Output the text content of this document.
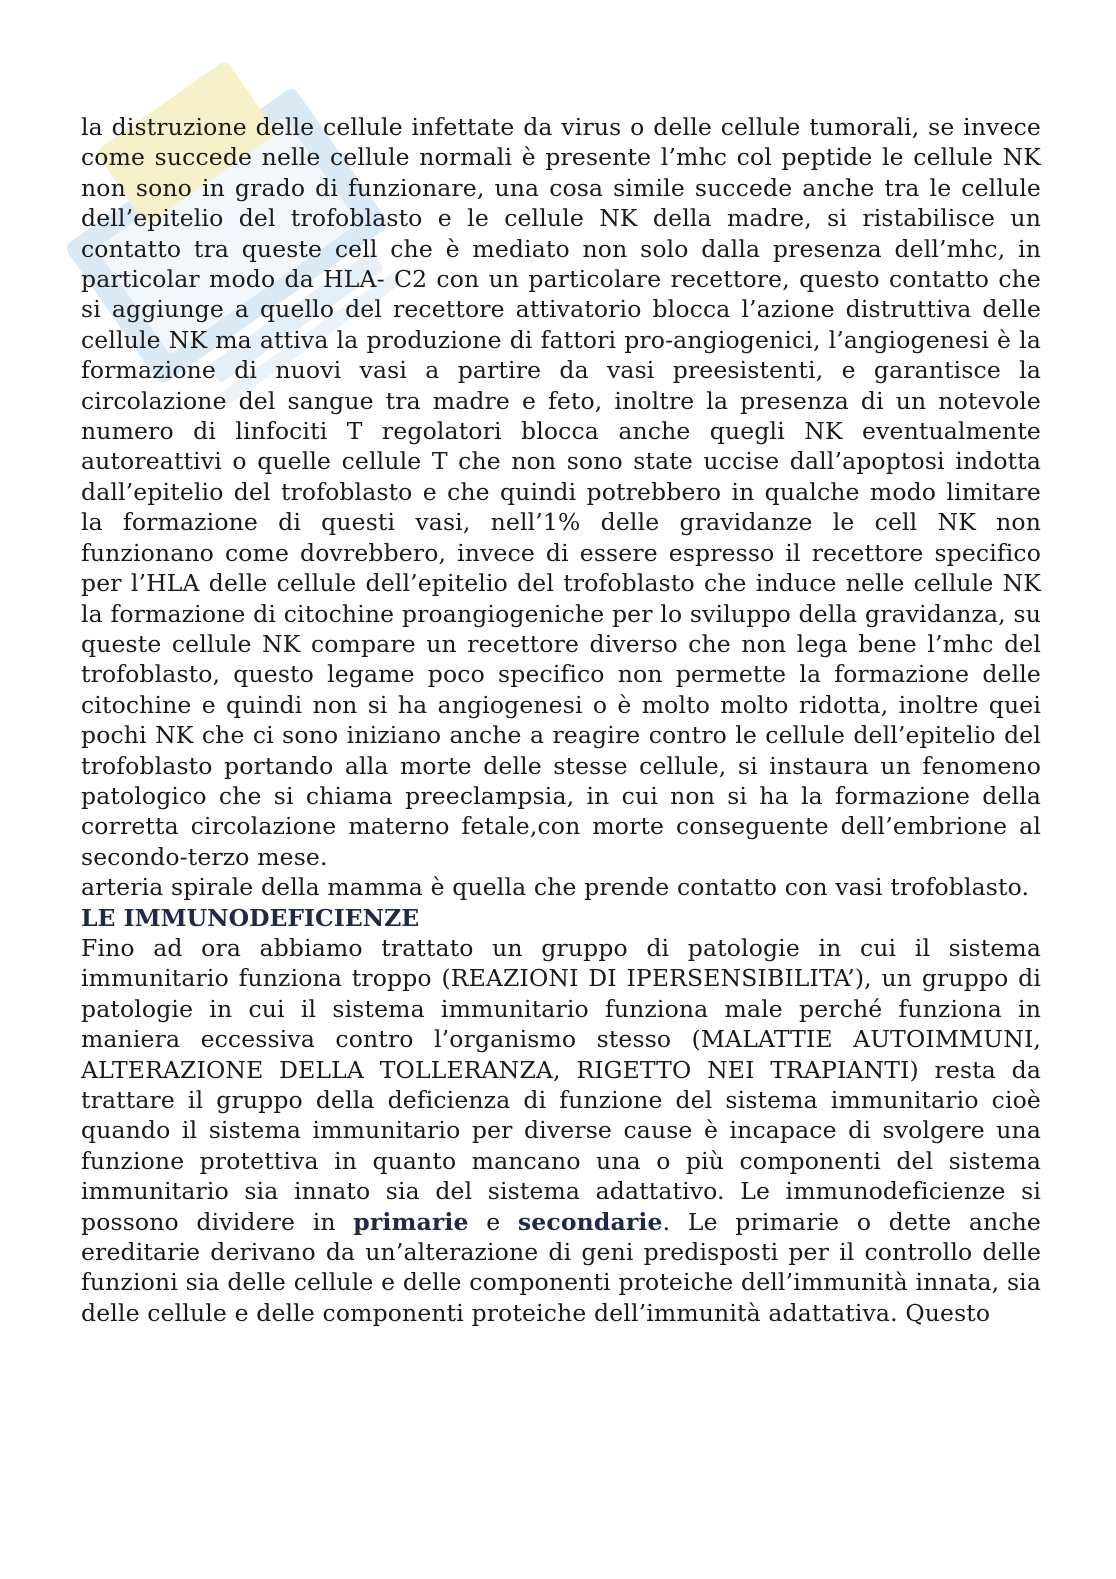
la distruzione delle cellule infettate da virus o delle cellule tumorali, se invece come succede nelle cellule normali è presente l’mhc col peptide le cellule NK non sono in grado di funzionare, una cosa simile succede anche tra le cellule dell’epitelio del trofoblasto e le cellule NK della madre, si ristabilisce un contatto tra queste cell che è mediato non solo dalla presenza dell’mhc, in particolar modo da HLA- C2 con un particolare recettore, questo contatto che si aggiunge a quello del recettore attivatorio blocca l’azione distruttiva delle cellule NK ma attiva la produzione di fattori pro-angiogenici, l’angiogenesi è la formazione di nuovi vasi a partire da vasi preesistenti, e garantisce la circolazione del sangue tra madre e feto, inoltre la presenza di un notevole numero di linfociti T regolatori blocca anche quegli NK eventualmente autoreattivi o quelle cellule T che non sono state uccise dall’apoptosi indotta dall’epitelio del trofoblasto e che quindi potrebbero in qualche modo limitare la formazione di questi vasi, nell’1% delle gravidanze le cell NK non funzionano come dovrebbero, invece di essere espresso il recettore specifico per l’HLA delle cellule dell’epitelio del trofoblasto che induce nelle cellule NK la formazione di citochine proangiogeniche per lo sviluppo della gravidanza, su queste cellule NK compare un recettore diverso che non lega bene l’mhc del trofoblasto, questo legame poco specifico non permette la formazione delle citochine e quindi non si ha angiogenesi o è molto molto ridotta, inoltre quei pochi NK che ci sono iniziano anche a reagire contro le cellule dell’epitelio del trofoblasto portando alla morte delle stesse cellule, si instaura un fenomeno patologico che si chiama preeclampsia, in cui non si ha la formazione della corretta circolazione materno fetale,con morte conseguente dell’embrione al secondo-terzo mese.

arteria spirale della mamma è quella che prende contatto con vasi trofoblasto.

LE IMMUNODEFICIENZE

Fino ad ora abbiamo trattato un gruppo di patologie in cui il sistema immunitario funziona troppo (REAZIONI DI IPERSENSIBILITA’), un gruppo di patologie in cui il sistema immunitario funziona male perché funziona in maniera eccessiva contro l’organismo stesso (MALATTIE AUTOIMMUNI, ALTERAZIONE DELLA TOLLERANZA, RIGETTO NEI TRAPIANTI) resta da trattare il gruppo della deficienza di funzione del sistema immunitario cioè quando il sistema immunitario per diverse cause è incapace di svolgere una funzione protettiva in quanto mancano una o più componenti del sistema immunitario sia innato sia del sistema adattativo. Le immunodeficienze si possono dividere in primarie e secondarie. Le primarie o dette anche ereditarie derivano da un’alterazione di geni predisposti per il controllo delle funzioni sia delle cellule e delle componenti proteiche dell’immunità innata, sia delle cellule e delle componenti proteiche dell’immunità adattativa. Questo
